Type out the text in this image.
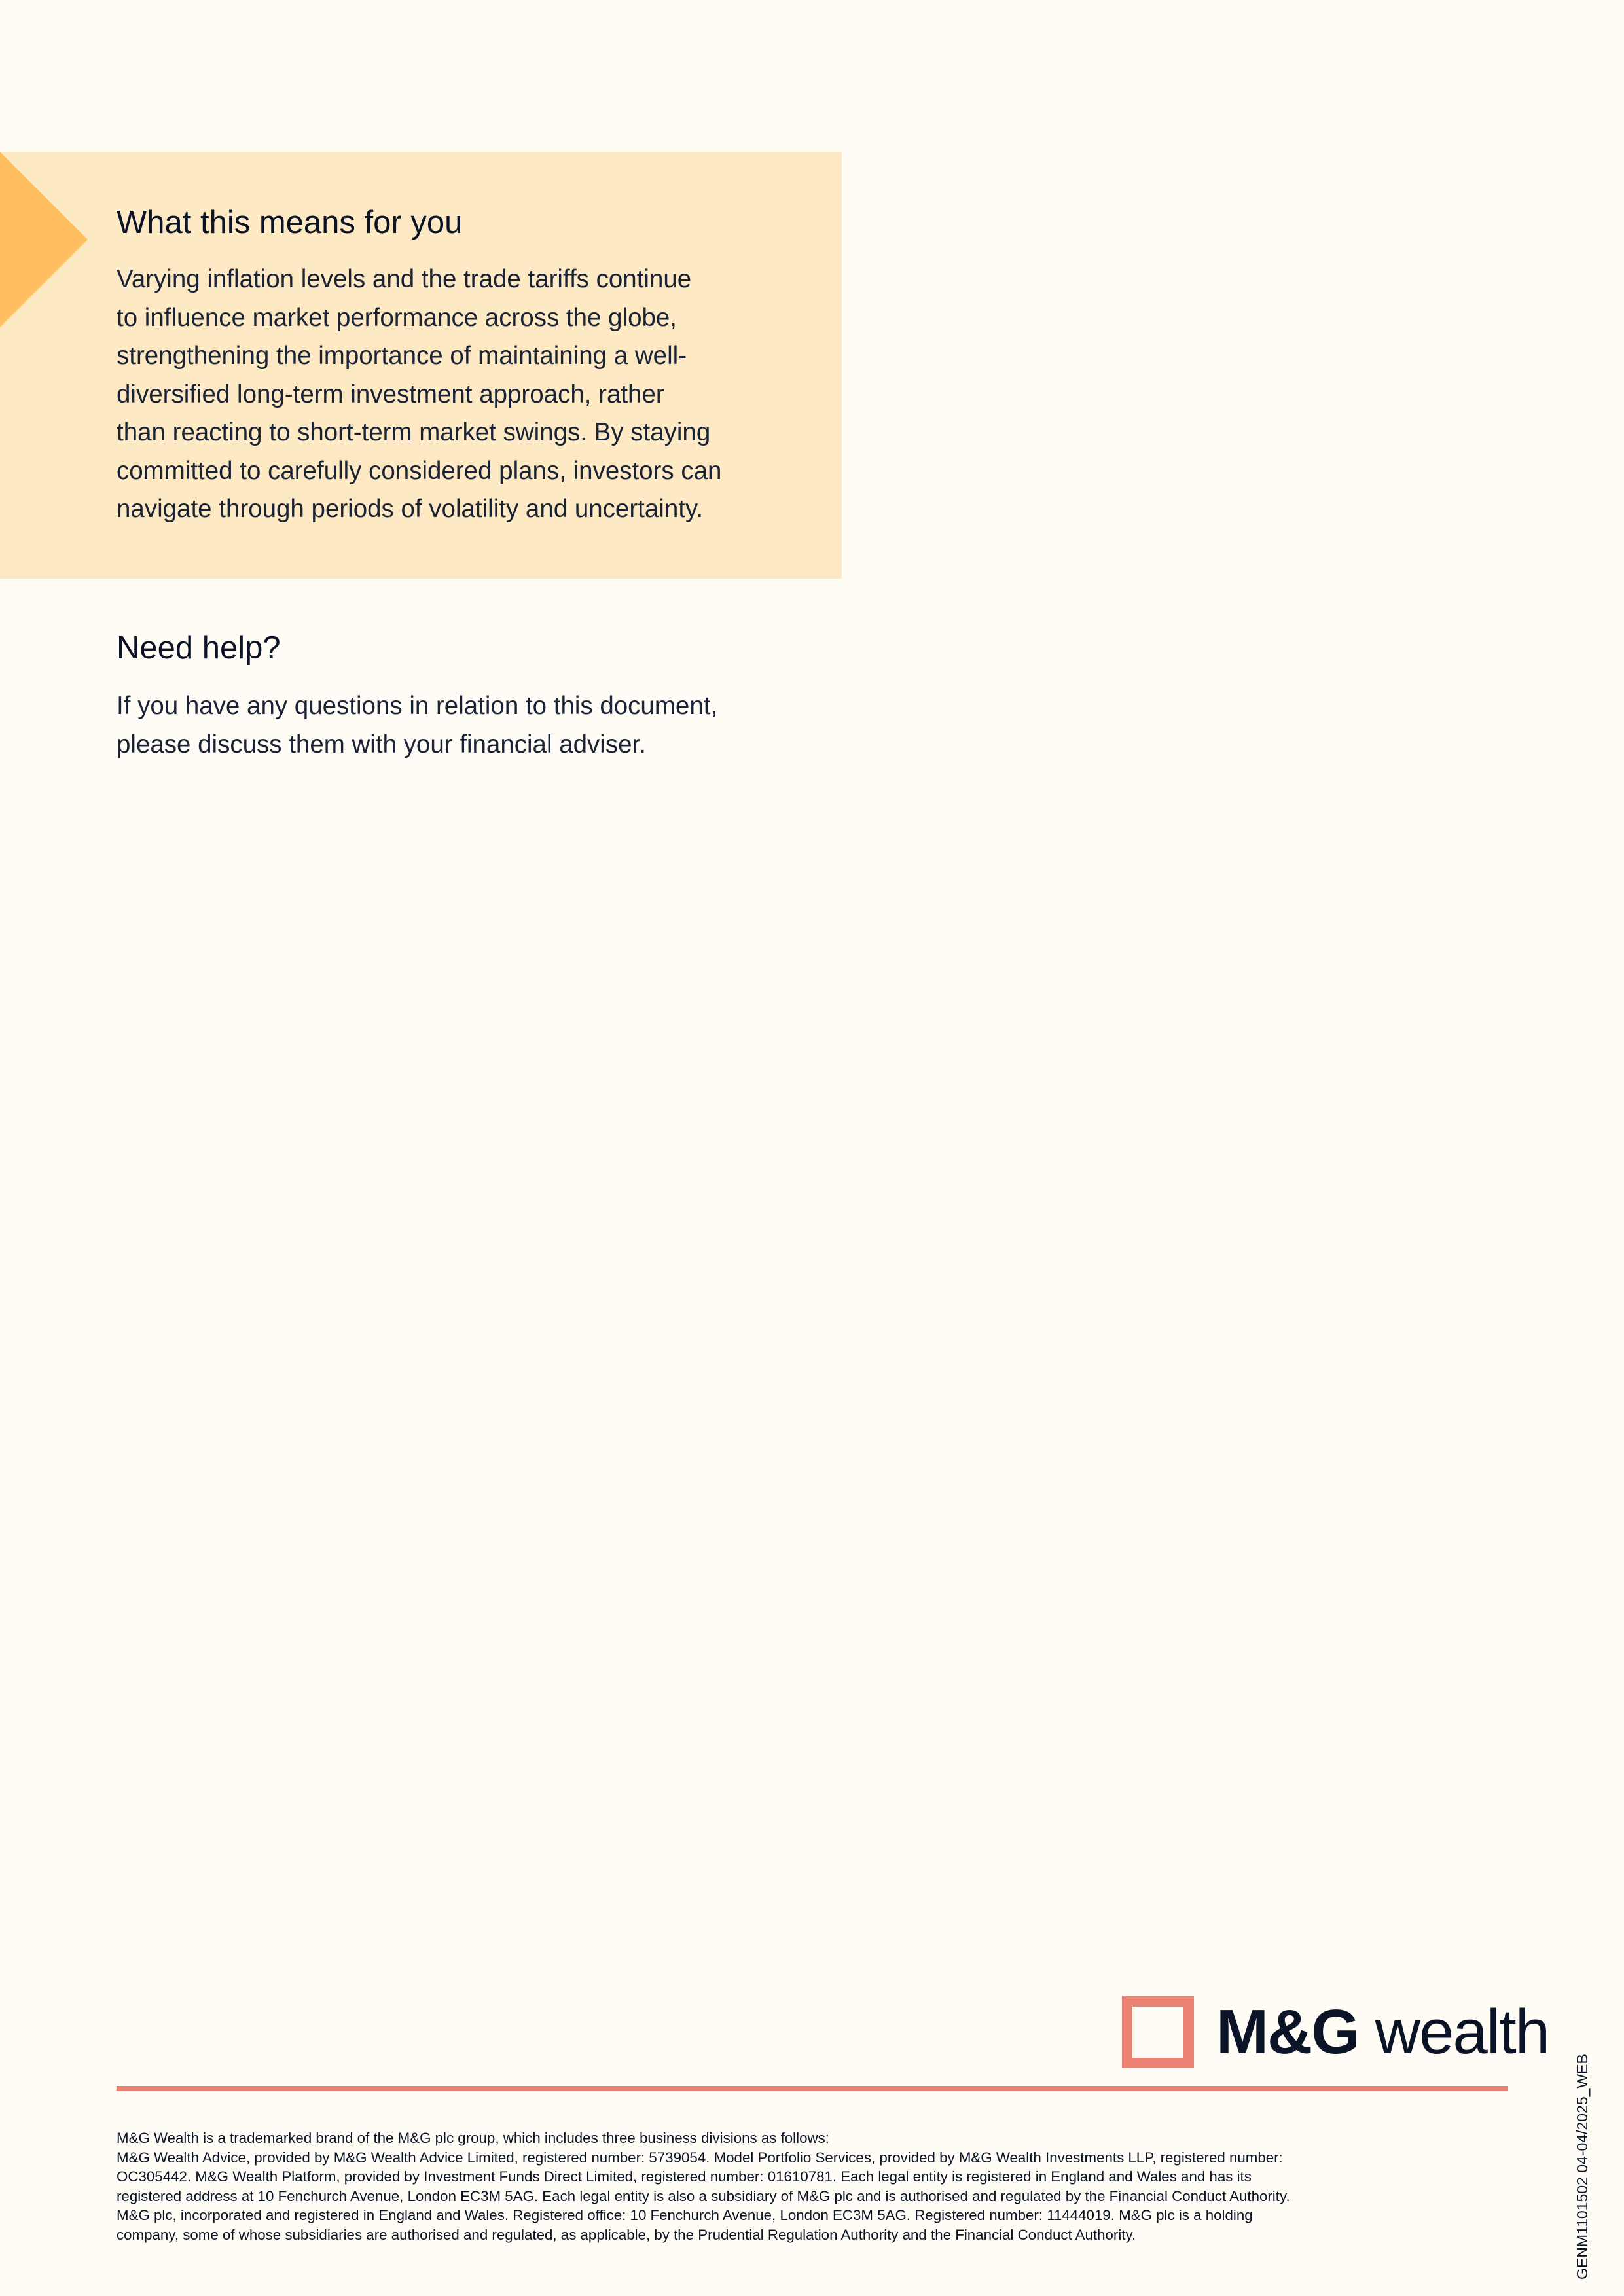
What this means for you

Varying inflation levels and the trade tariffs continue
to influence market performance across the globe,
strengthening the importance of maintaining a well-
diversified long-term investment approach, rather
than reacting to short-term market swings. By staying
committed to carefully considered plans, investors can
navigate through periods of volatility and uncertainty.

Need help?

If you have any questions in relation to this document,
please discuss them with your financial adviser.

M&G wealth

M&G Wealth is a trademarked brand of the M&G plc group, which includes three business divisions as follows:
M&G Wealth Advice, provided by M&G Wealth Advice Limited, registered number: 5739054. Model Portfolio Services, provided by M&G Wealth Investments LLP, registered number:
OC305442. M&G Wealth Platform, provided by Investment Funds Direct Limited, registered number: 01610781. Each legal entity is registered in England and Wales and has its
registered address at 10 Fenchurch Avenue, London EC3M 5AG. Each legal entity is also a subsidiary of M&G plc and is authorised and regulated by the Financial Conduct Authority.
M&G plc, incorporated and registered in England and Wales. Registered office: 10 Fenchurch Avenue, London EC3M 5AG. Registered number: 11444019. M&G plc is a holding
company, some of whose subsidiaries are authorised and regulated, as applicable, by the Prudential Regulation Authority and the Financial Conduct Authority.	GENM1101502 04-04/2025_WEB
